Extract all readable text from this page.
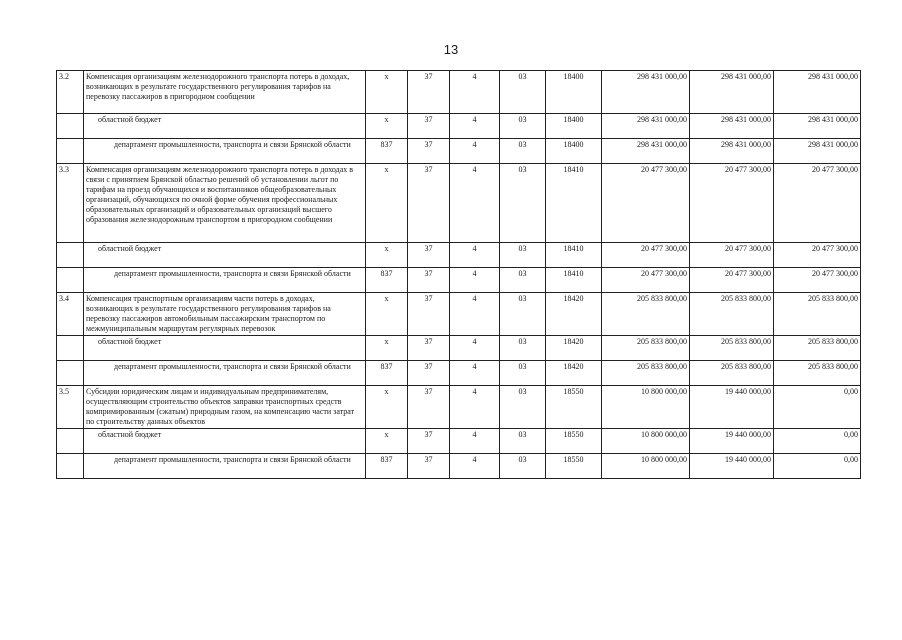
13
3.2	Компенсация организациям железнодорожного транспорта потерь в доходах, возникающих в результате государственного регулирования тарифов на перевозку пассажиров в пригородном сообщении	х	37	4	03	18400	298 431 000,00	298 431 000,00	298 431 000,00
	областной бюджет	х	37	4	03	18400	298 431 000,00	298 431 000,00	298 431 000,00
	департамент промышленности, транспорта и связи Брянской области	837	37	4	03	18400	298 431 000,00	298 431 000,00	298 431 000,00
3.3	Компенсация организациям железнодорожного транспорта потерь в доходах в связи с принятием Брянской областью решений об установлении льгот по тарифам на проезд обучающихся и воспитанников общеобразовательных организаций, обучающихся по очной форме обучения профессиональных образовательных организаций и образовательных организаций высшего образования железнодорожным транспортом в пригородном сообщении	х	37	4	03	18410	20 477 300,00	20 477 300,00	20 477 300,00
	областной бюджет	х	37	4	03	18410	20 477 300,00	20 477 300,00	20 477 300,00
	департамент промышленности, транспорта и связи Брянской области	837	37	4	03	18410	20 477 300,00	20 477 300,00	20 477 300,00
3.4	Компенсация транспортным организациям части потерь в доходах, возникающих в результате государственного регулирования тарифов на перевозку пассажиров автомобильным пассажирским транспортом по межмуниципальным маршрутам регулярных перевозок	х	37	4	03	18420	205 833 800,00	205 833 800,00	205 833 800,00
	областной бюджет	х	37	4	03	18420	205 833 800,00	205 833 800,00	205 833 800,00
	департамент промышленности, транспорта и связи Брянской области	837	37	4	03	18420	205 833 800,00	205 833 800,00	205 833 800,00
3.5	Субсидии юридическим лицам и индивидуальным предпринимателям, осуществляющим строительство объектов заправки транспортных средств компримированным (сжатым) природным газом, на компенсацию части затрат по строительству данных объектов	х	37	4	03	18550	10 800 000,00	19 440 000,00	0,00
	областной бюджет	х	37	4	03	18550	10 800 000,00	19 440 000,00	0,00
	департамент промышленности, транспорта и связи Брянской области	837	37	4	03	18550	10 800 000,00	19 440 000,00	0,00
